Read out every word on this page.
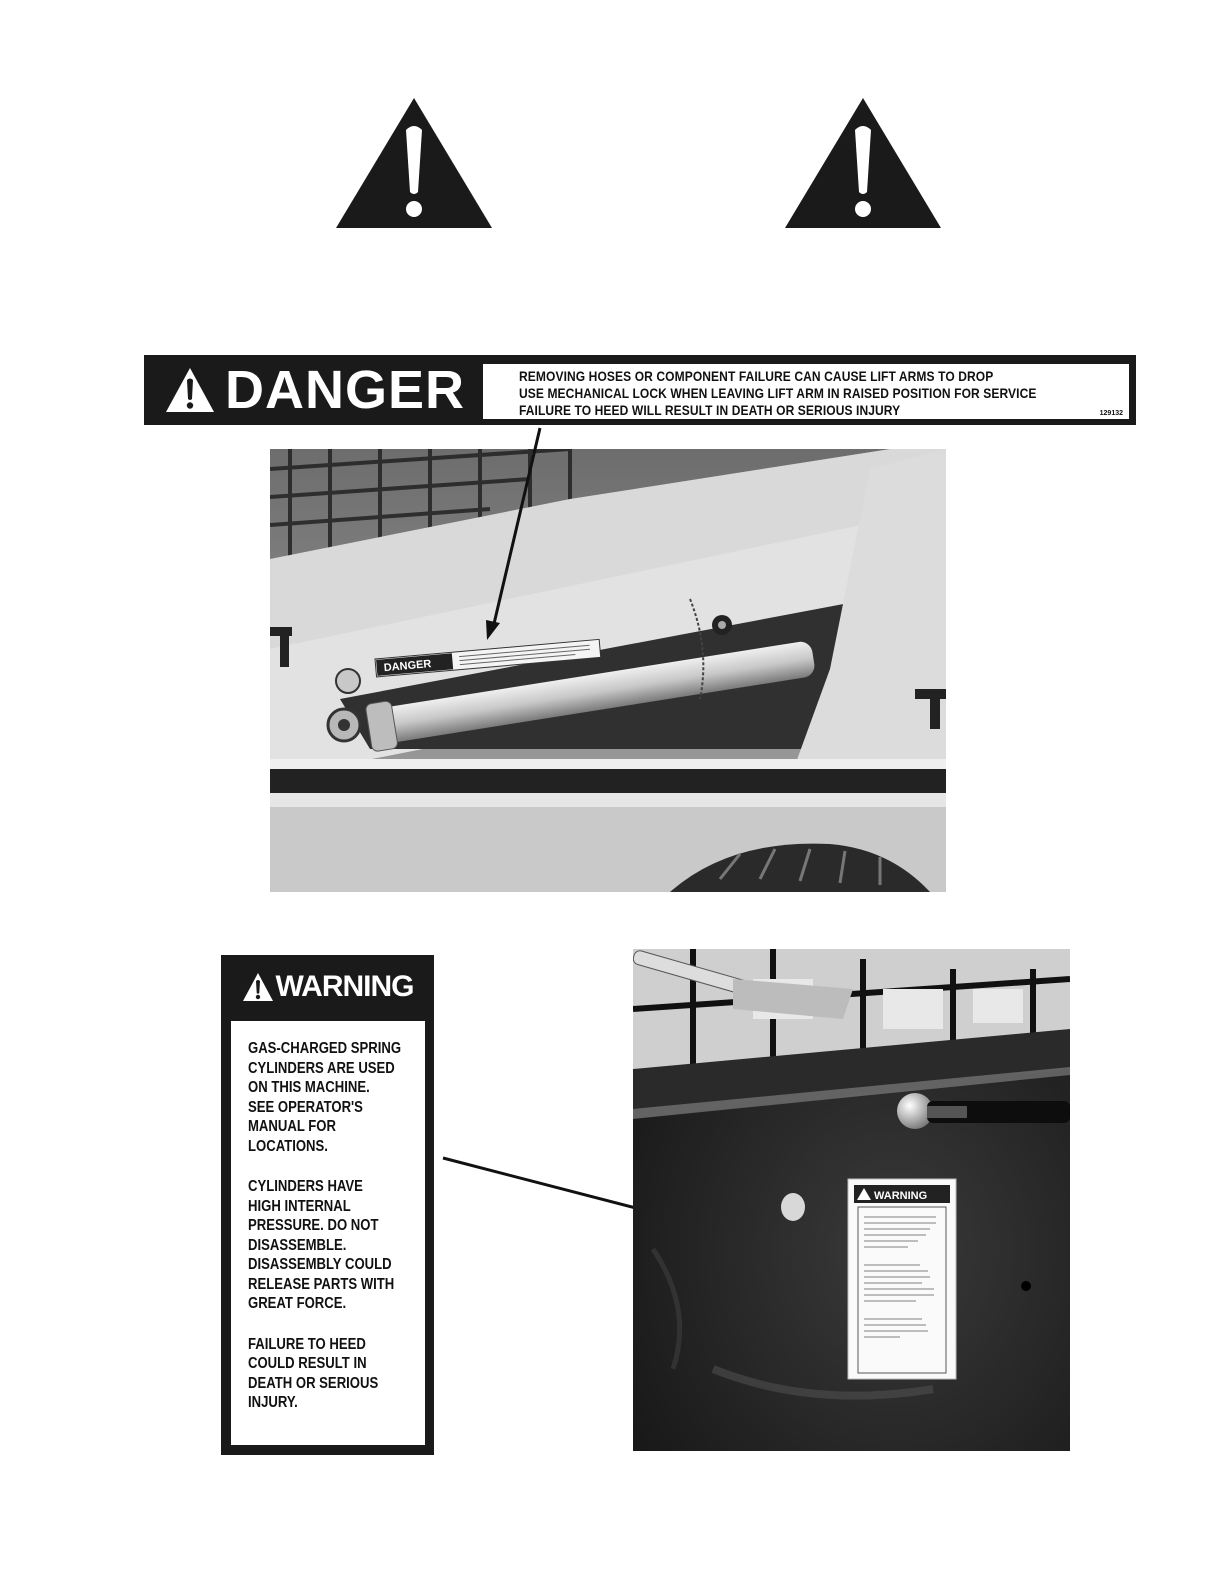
DANGER	REMOVING HOSES OR COMPONENT FAILURE CAN CAUSE LIFT ARMS TO DROP
USE MECHANICAL LOCK WHEN LEAVING LIFT ARM IN RAISED POSITION FOR SERVICE
FAILURE TO HEED WILL RESULT IN DEATH OR SERIOUS INJURY	129132
DANGER
WARNING

GAS-CHARGED SPRING
CYLINDERS ARE USED
ON THIS MACHINE.
SEE OPERATOR'S
MANUAL FOR
LOCATIONS.

CYLINDERS HAVE
HIGH INTERNAL
PRESSURE. DO NOT
DISASSEMBLE.
DISASSEMBLY COULD
RELEASE PARTS WITH
GREAT FORCE.

FAILURE TO HEED
COULD RESULT IN
DEATH OR SERIOUS
INJURY.

WARNING
